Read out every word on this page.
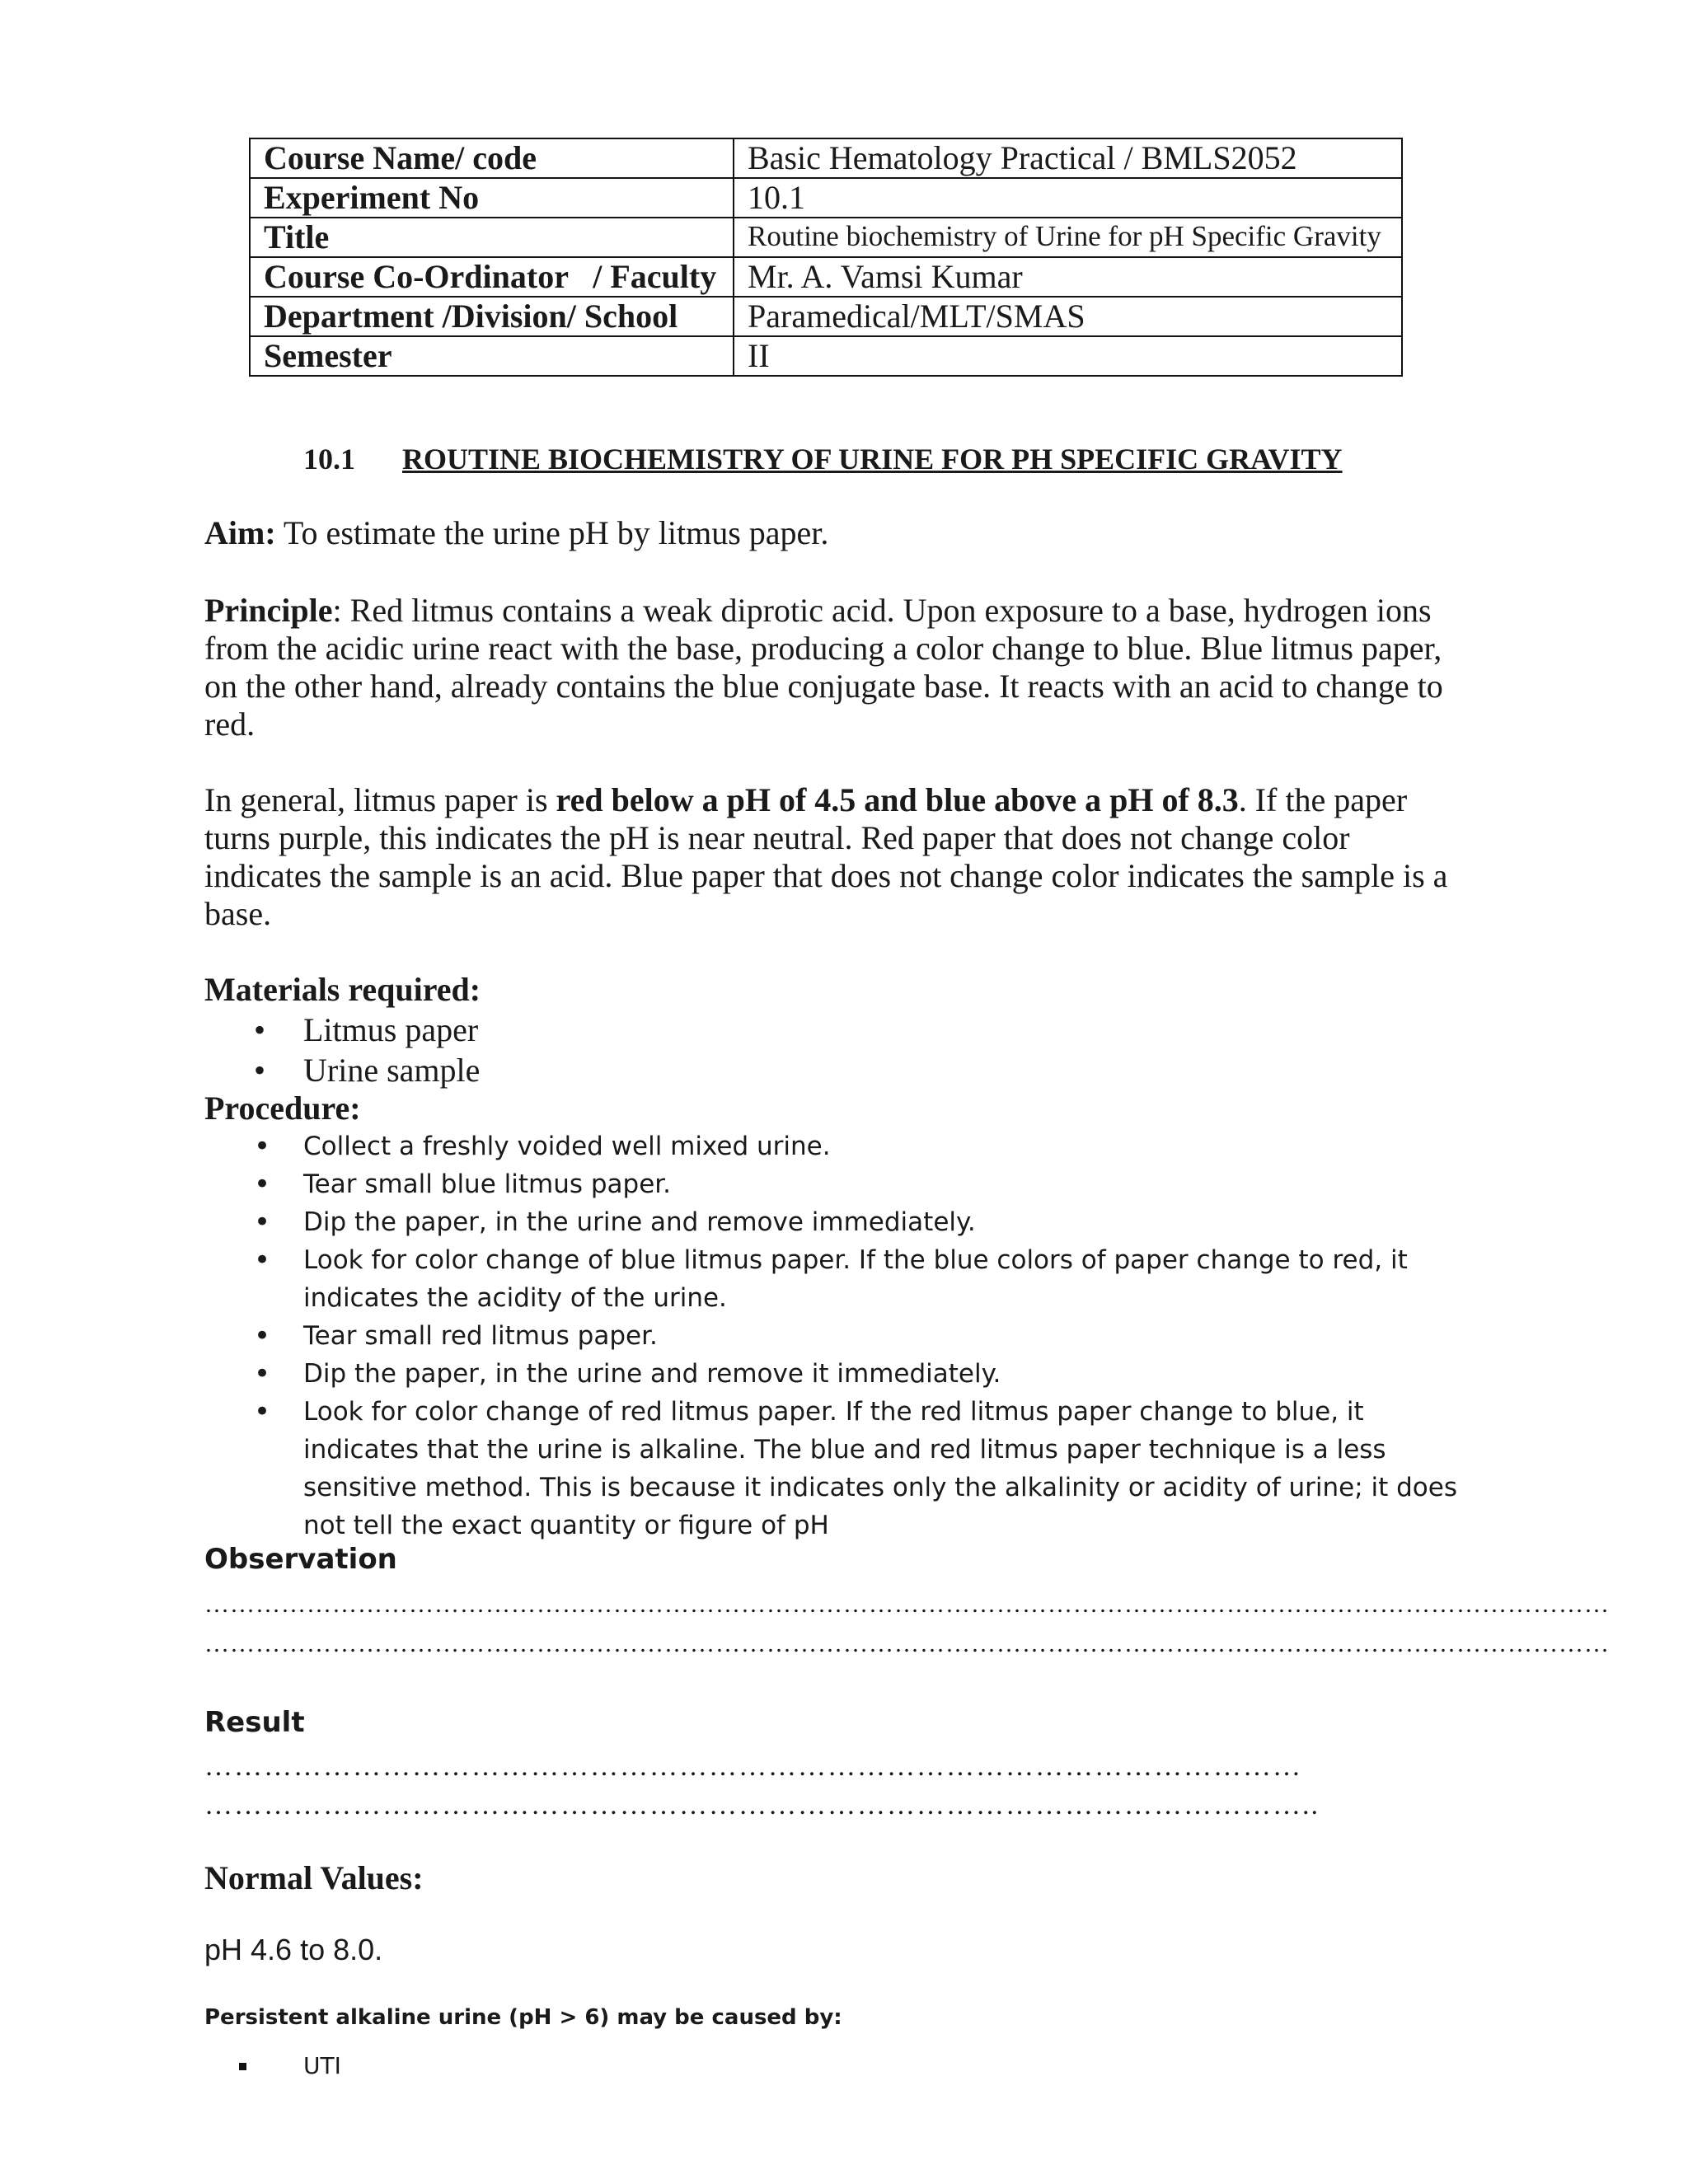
Course Name/ code	Basic Hematology Practical / BMLS2052
Experiment No	10.1
Title	Routine biochemistry of Urine for pH Specific Gravity
Course Co-Ordinator   / Faculty	Mr. A. Vamsi Kumar
Department /Division/ School	Paramedical/MLT/SMAS
Semester	II
10.1 ROUTINE BIOCHEMISTRY OF URINE FOR PH SPECIFIC GRAVITY

Aim: To estimate the urine pH by litmus paper.

Principle: Red litmus contains a weak diprotic acid. Upon exposure to a base, hydrogen ions from the acidic urine react with the base, producing a color change to blue. Blue litmus paper, on the other hand, already contains the blue conjugate base. It reacts with an acid to change to red.

In general, litmus paper is red below a pH of 4.5 and blue above a pH of 8.3. If the paper turns purple, this indicates the pH is near neutral. Red paper that does not change color indicates the sample is an acid. Blue paper that does not change color indicates the sample is a base.

Materials required:
• Litmus paper
• Urine sample
Procedure:
• Collect a freshly voided well mixed urine.
• Tear small blue litmus paper.
• Dip the paper, in the urine and remove immediately.
• Look for color change of blue litmus paper. If the blue colors of paper change to red, it indicates the acidity of the urine.
• Tear small red litmus paper.
• Dip the paper, in the urine and remove it immediately.
• Look for color change of red litmus paper. If the red litmus paper change to blue, it indicates that the urine is alkaline. The blue and red litmus paper technique is a less sensitive method. This is because it indicates only the alkalinity or acidity of urine; it does not tell the exact quantity or figure of pH
Observation
…………………………………………………………………………………………………………………………………………………
…………………………………………………………………………………………………………………………………………………
Result
…………………………………………………………………………………………………
…………………………………………………………………………………………………..
Normal Values:
pH 4.6 to 8.0.
Persistent alkaline urine (pH > 6) may be caused by:
UTI
